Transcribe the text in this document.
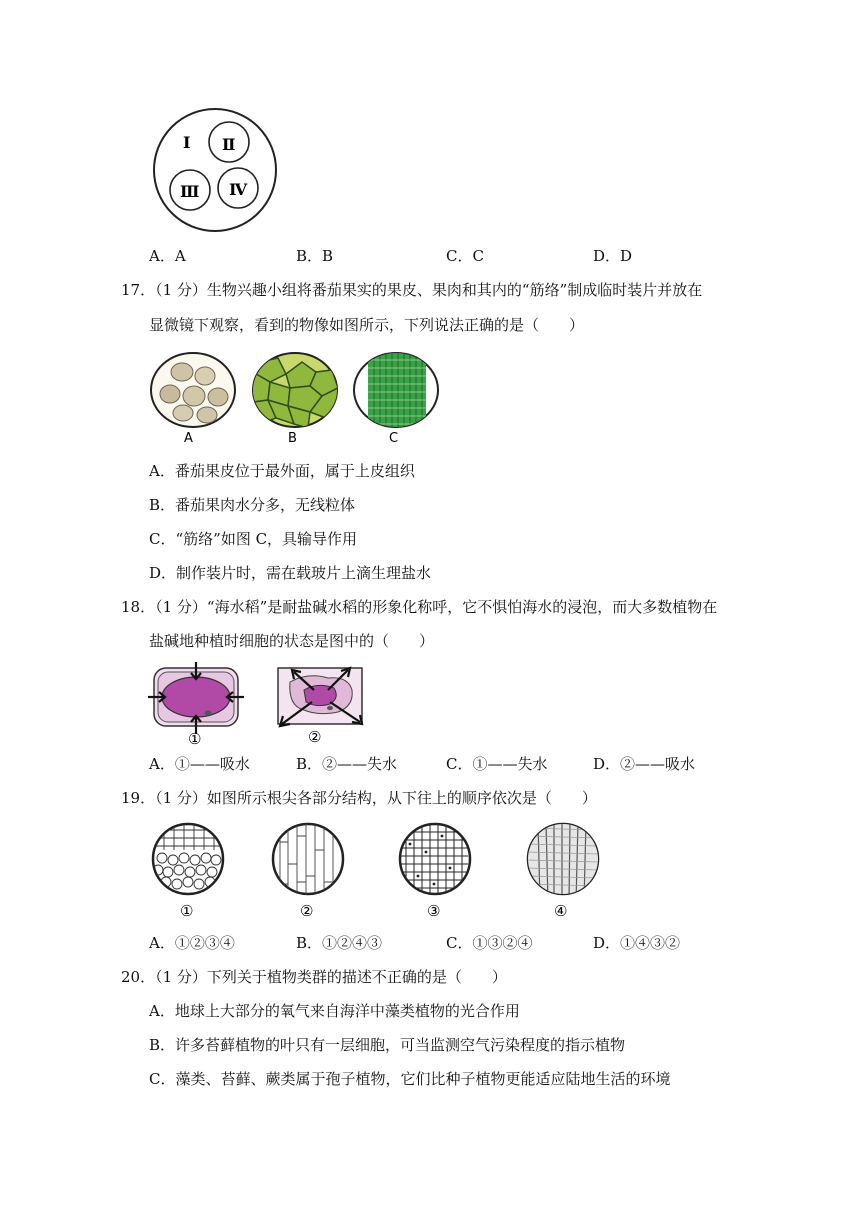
Ⅰ Ⅱ
Ⅲ Ⅳ
A．A	B．B	C．C	D．D
17．（1 分）生物兴趣小组将番茄果实的果皮、果肉和其内的“筋络”制成临时装片并放在
显微镜下观察，看到的物像如图所示，下列说法正确的是（　　）
A	B	C
A．番茄果皮位于最外面，属于上皮组织
B．番茄果肉水分多，无线粒体
C．“筋络”如图 C，具输导作用
D．制作装片时，需在载玻片上滴生理盐水
18．（1 分）“海水稻”是耐盐碱水稻的形象化称呼，它不惧怕海水的浸泡，而大多数植物在
盐碱地种植时细胞的状态是图中的（　　）
①	②
A．①——吸水	B．②——失水	C．①——失水	D．②——吸水
19．（1 分）如图所示根尖各部分结构，从下往上的顺序依次是（　　）
①	②	③	④
A．①②③④	B．①②④③	C．①③②④	D．①④③②
20．（1 分）下列关于植物类群的描述不正确的是（　　）
A．地球上大部分的氧气来自海洋中藻类植物的光合作用
B．许多苔藓植物的叶只有一层细胞，可当监测空气污染程度的指示植物
C．藻类、苔藓、蕨类属于孢子植物，它们比种子植物更能适应陆地生活的环境
